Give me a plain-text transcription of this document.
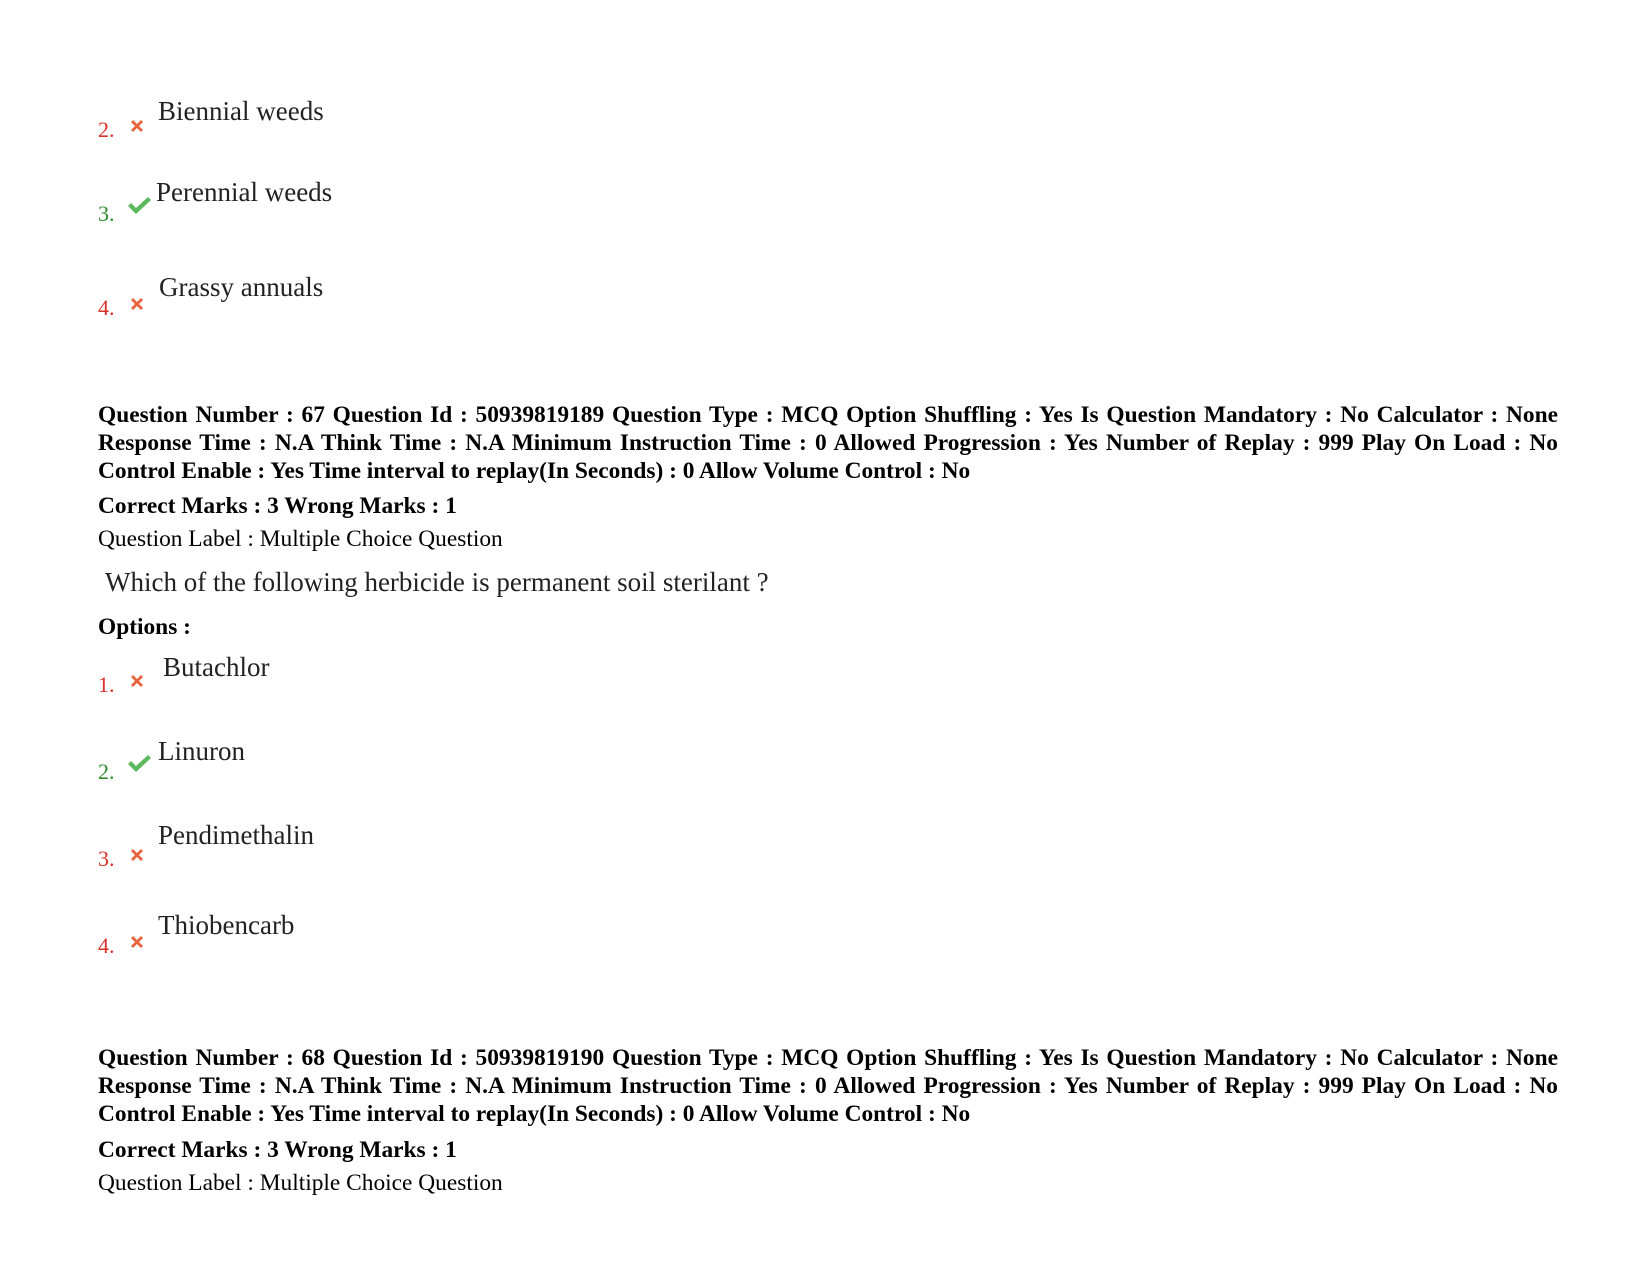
2.
Biennial weeds
3.
Perennial weeds
4.
Grassy annuals
Question Number : 67 Question Id : 50939819189 Question Type : MCQ Option Shuffling : Yes Is Question Mandatory : No Calculator : None Response Time : N.A Think Time : N.A Minimum Instruction Time : 0 Allowed Progression : Yes Number of Replay : 999 Play On Load : No Control Enable : Yes Time interval to replay(In Seconds) : 0 Allow Volume Control : No
Correct Marks : 3 Wrong Marks : 1
Question Label : Multiple Choice Question
Which of the following herbicide is permanent soil sterilant ?
Options :
1.
Butachlor
2.
Linuron
3.
Pendimethalin
4.
Thiobencarb
Question Number : 68 Question Id : 50939819190 Question Type : MCQ Option Shuffling : Yes Is Question Mandatory : No Calculator : None Response Time : N.A Think Time : N.A Minimum Instruction Time : 0 Allowed Progression : Yes Number of Replay : 999 Play On Load : No Control Enable : Yes Time interval to replay(In Seconds) : 0 Allow Volume Control : No
Correct Marks : 3 Wrong Marks : 1
Question Label : Multiple Choice Question
